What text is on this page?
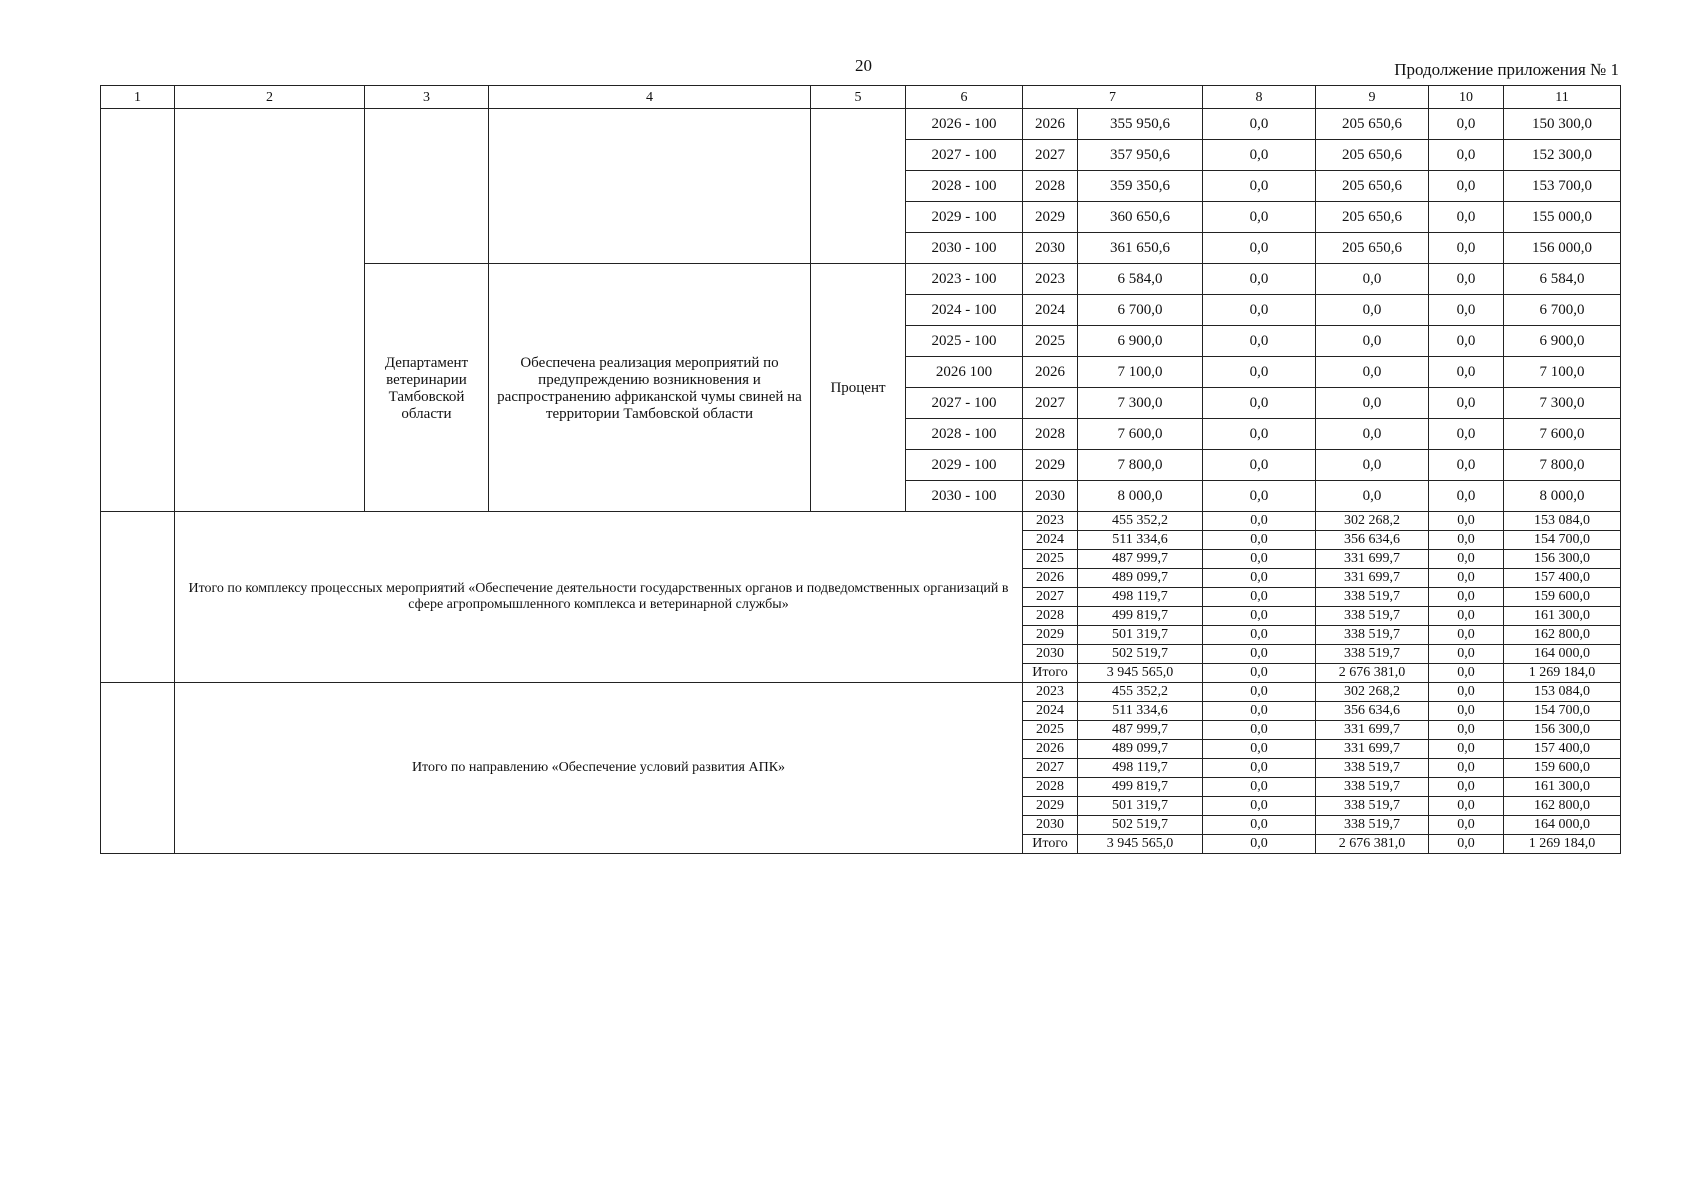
20	Продолжение приложения № 1
1	2	3	4	5	6	7		8	9	10	11
					2026 - 100	2026	355 950,6	0,0	205 650,6	0,0	150 300,0
					2027 - 100	2027	357 950,6	0,0	205 650,6	0,0	152 300,0
					2028 - 100	2028	359 350,6	0,0	205 650,6	0,0	153 700,0
					2029 - 100	2029	360 650,6	0,0	205 650,6	0,0	155 000,0
					2030 - 100	2030	361 650,6	0,0	205 650,6	0,0	156 000,0
		Департамент ветеринарии Тамбовской области	Обеспечена реализация мероприятий по предупреждению возникновения и распространению африканской чумы свиней на территории Тамбовской области	Процент	2023 - 100	2023	6 584,0	0,0	0,0	0,0	6 584,0
					2024 - 100	2024	6 700,0	0,0	0,0	0,0	6 700,0
					2025 - 100	2025	6 900,0	0,0	0,0	0,0	6 900,0
					2026 100	2026	7 100,0	0,0	0,0	0,0	7 100,0
					2027 - 100	2027	7 300,0	0,0	0,0	0,0	7 300,0
					2028 - 100	2028	7 600,0	0,0	0,0	0,0	7 600,0
					2029 - 100	2029	7 800,0	0,0	0,0	0,0	7 800,0
					2030 - 100	2030	8 000,0	0,0	0,0	0,0	8 000,0
	Итого по комплексу процессных мероприятий «Обеспечение деятельности государственных органов и подведомственных организаций в сфере агропромышленного комплекса и ветеринарной службы»					2023	455 352,2	0,0	302 268,2	0,0	153 084,0
						2024	511 334,6	0,0	356 634,6	0,0	154 700,0
						2025	487 999,7	0,0	331 699,7	0,0	156 300,0
						2026	489 099,7	0,0	331 699,7	0,0	157 400,0
						2027	498 119,7	0,0	338 519,7	0,0	159 600,0
						2028	499 819,7	0,0	338 519,7	0,0	161 300,0
						2029	501 319,7	0,0	338 519,7	0,0	162 800,0
						2030	502 519,7	0,0	338 519,7	0,0	164 000,0
						Итого	3 945 565,0	0,0	2 676 381,0	0,0	1 269 184,0
	Итого по направлению «Обеспечение условий развития АПК»					2023	455 352,2	0,0	302 268,2	0,0	153 084,0
						2024	511 334,6	0,0	356 634,6	0,0	154 700,0
						2025	487 999,7	0,0	331 699,7	0,0	156 300,0
						2026	489 099,7	0,0	331 699,7	0,0	157 400,0
						2027	498 119,7	0,0	338 519,7	0,0	159 600,0
						2028	499 819,7	0,0	338 519,7	0,0	161 300,0
						2029	501 319,7	0,0	338 519,7	0,0	162 800,0
						2030	502 519,7	0,0	338 519,7	0,0	164 000,0
						Итого	3 945 565,0	0,0	2 676 381,0	0,0	1 269 184,0
